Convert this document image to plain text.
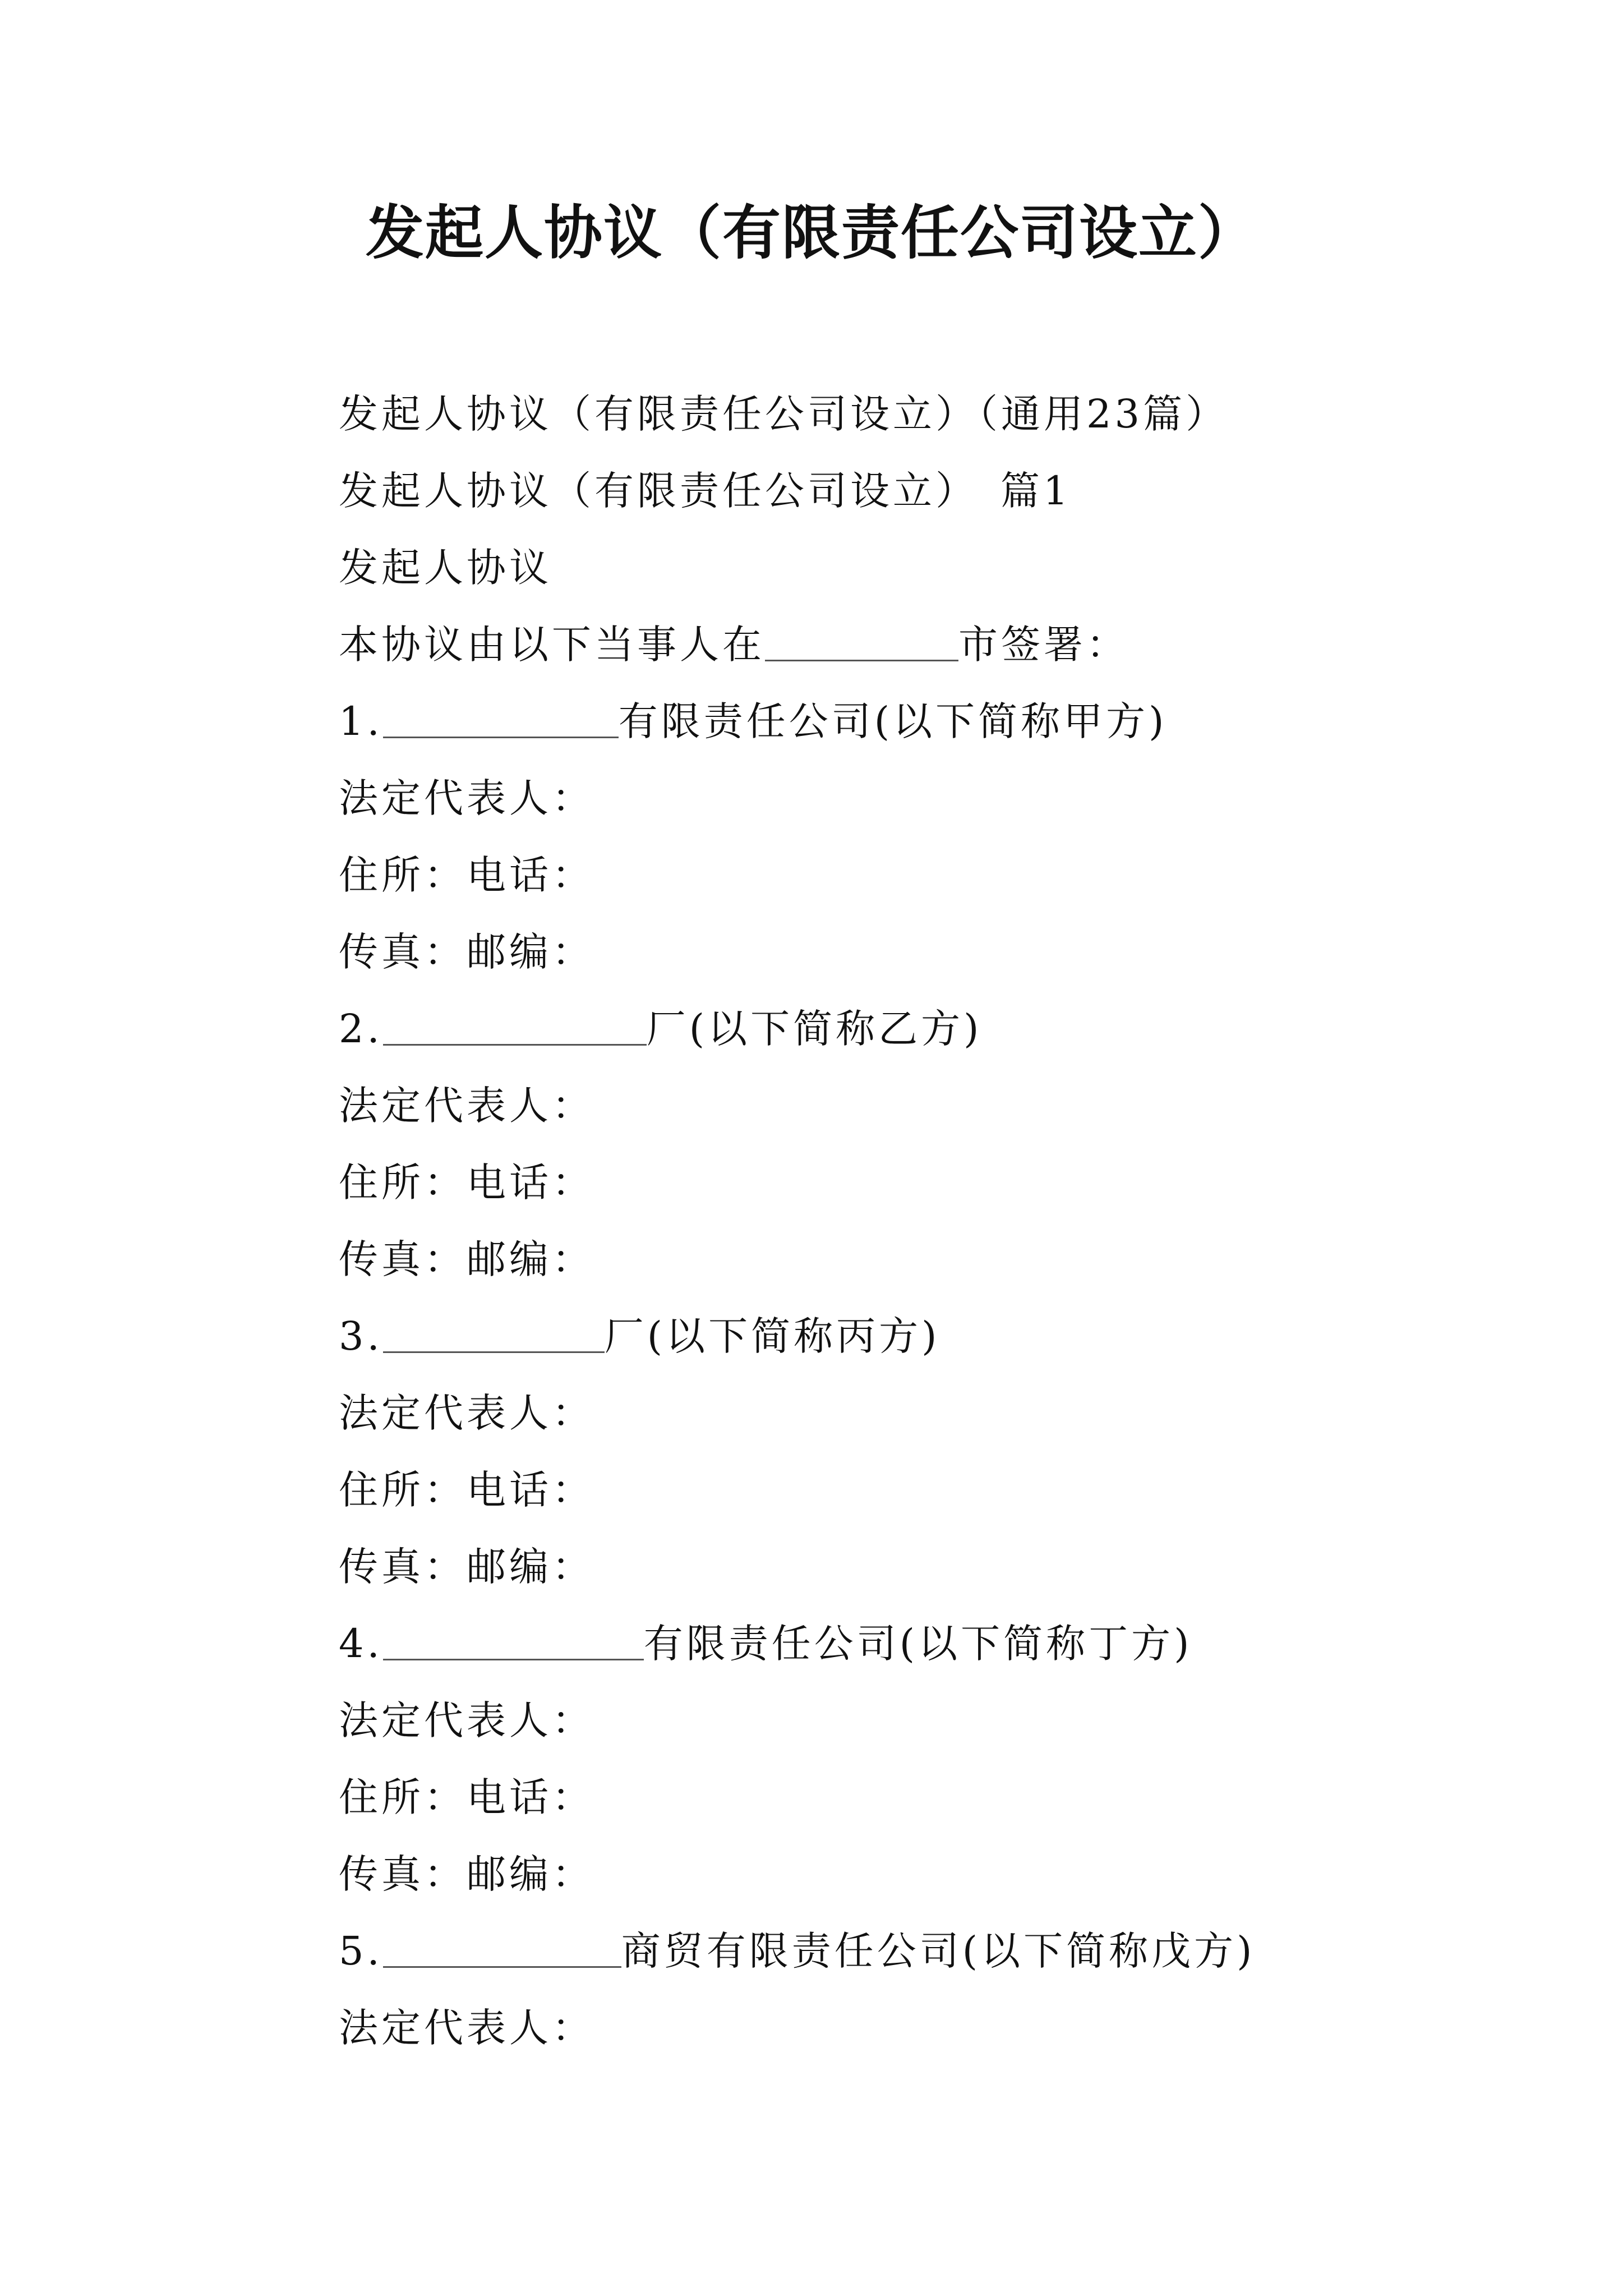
发起人协议（有限责任公司设立）
发起人协议（有限责任公司设立）（通用23篇）
发起人协议（有限责任公司设立） 篇1
发起人协议
本协议由以下当事人在	市签署：
1.	有限责任公司(以下简称甲方)
法定代表人：
住所：电话：
传真：邮编：
2.	厂(以下简称乙方)
法定代表人：
住所：电话：
传真：邮编：
3.	厂(以下简称丙方)
法定代表人：
住所：电话：
传真：邮编：
4.	有限责任公司(以下简称丁方)
法定代表人：
住所：电话：
传真：邮编：
5.	商贸有限责任公司(以下简称戊方)
法定代表人：
